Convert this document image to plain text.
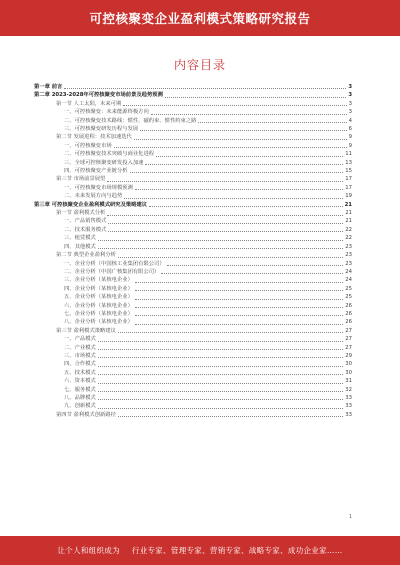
可控核聚变企业盈利模式策略研究报告
内容目录
第一章 前言	3
第二章 2023-2028年可控核聚变市场前景及趋势预测	3
第一节 人工太阳，未来可期	3
一、可控核聚变：未来能源终极方向	3
二、可控核聚变技术路线：惯性、磁约束、惯性约束之路	4
三、可控核聚变研发历程与发展	6
第二节 发展进程：技术加速迭代	9
一、可控核聚变市场	9
二、可控核聚变技术突破与商业化进程	11
三、全球可控核聚变研发投入加速	13
四、可控核聚变产业链分析	15
第三节 市场前景展望	17
一、可控核聚变市场规模预测	17
二、未来发展方向与趋势	19
第三章 可控核聚变企业盈利模式研究及策略建议	21
第一节 盈利模式分析	21
一、产品销售模式	21
二、技术服务模式	22
三、租赁模式	22
四、其他模式	23
第二节 典型企业盈利分析	23
一、企业分析（中国核工业集团有限公司）	23
二、企业分析（中国广核集团有限公司）	24
三、企业分析（某核电企业）	24
四、企业分析（某核电企业）	25
五、企业分析（某核电企业）	25
六、企业分析（某核电企业）	26
七、企业分析（某核电企业）	26
八、企业分析（某核电企业）	26
第三节 盈利模式策略建议	27
一、产品模式	27
二、产业模式	27
三、市场模式	29
四、合作模式	30
五、技术模式	30
六、资本模式	31
七、服务模式	32
八、品牌模式	33
九、创新模式	33
第四节 盈利模式创新路径	33
1
让个人和组织成为 行业专家、管理专家、营销专家、战略专家、成功企业家……
